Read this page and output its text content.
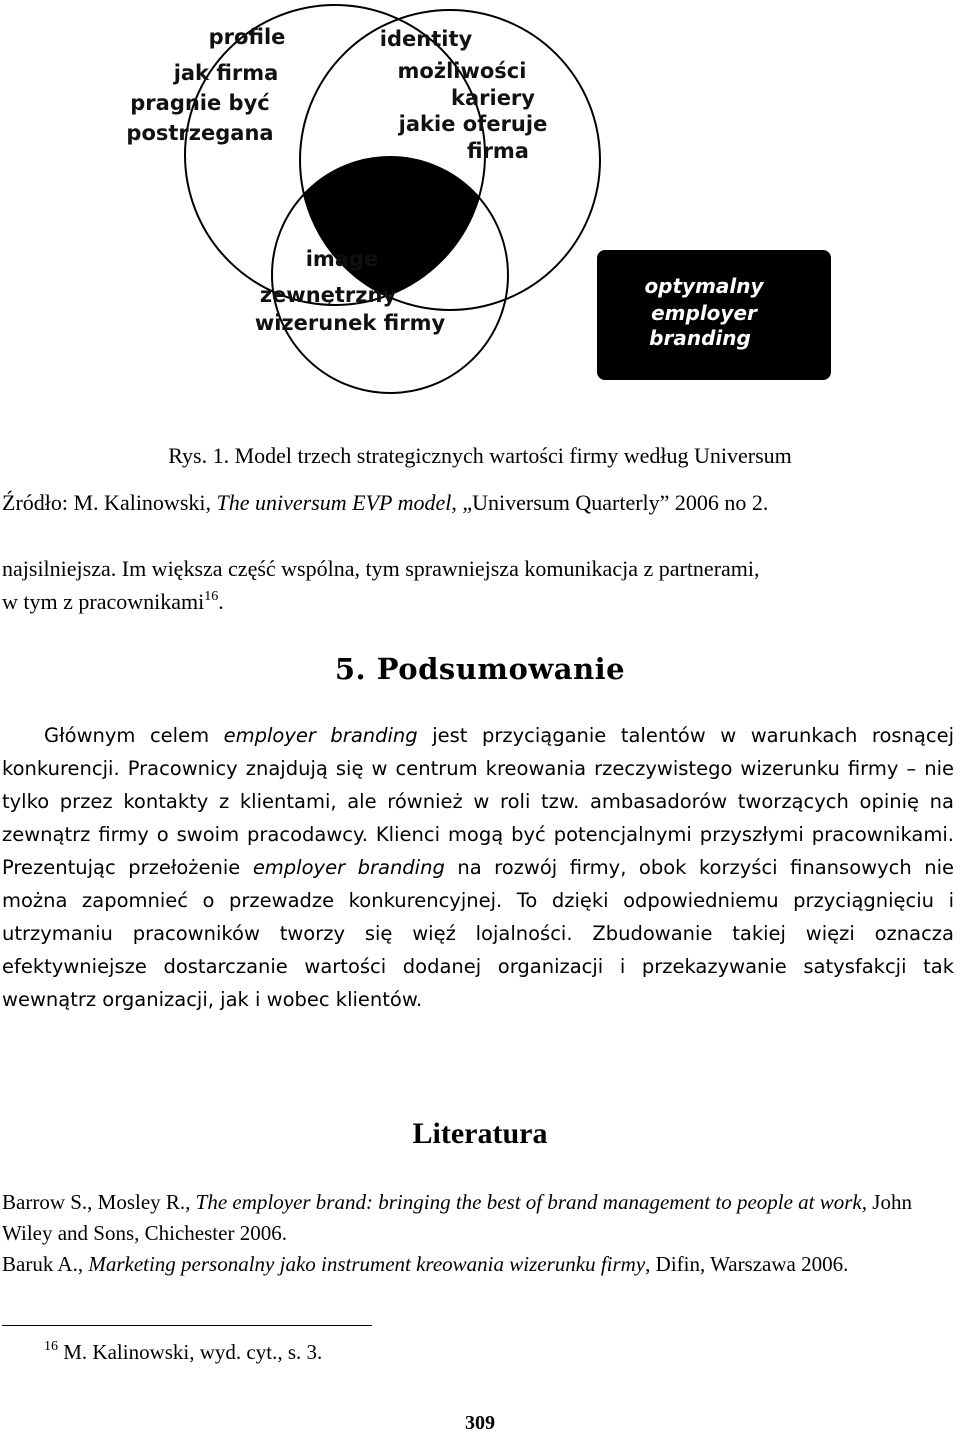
profile
jak firma
pragnie być
postrzegana
identity
możliwości
kariery
jakie oferuje
firma
image
zewnętrzny
wizerunek firmy
optymalny
employer
branding
Rys. 1. Model trzech strategicznych wartości firmy według Universum
Źródło: M. Kalinowski, The universum EVP model, „Universum Quarterly” 2006 no 2.
najsilniejsza. Im większa część wspólna, tym sprawniejsza komunikacja z partnerami,
w tym z pracownikami$^{16}$.
5. Podsumowanie
Głównym celem employer branding jest przyciąganie talentów w warunkach rosnącej konkurencji. Pracownicy znajdują się w centrum kreowania rzeczywistego wizerunku firmy – nie tylko przez kontakty z klientami, ale również w roli tzw. ambasadorów tworzących opinię na zewnątrz firmy o swoim pracodawcy. Klienci mogą być potencjalnymi przyszłymi pracownikami. Prezentując przełożenie employer branding na rozwój firmy, obok korzyści finansowych nie można zapomnieć o przewadze konkurencyjnej. To dzięki odpowiedniemu przyciągnięciu i utrzymaniu pracowników tworzy się więź lojalności. Zbudowanie takiej więzi oznacza efektywniejsze dostarczanie wartości dodanej organizacji i przekazywanie satysfakcji tak wewnątrz organizacji, jak i wobec klientów.
Literatura
Barrow S., Mosley R., The employer brand: bringing the best of brand management to people at work, John Wiley and Sons, Chichester 2006.
Baruk A., Marketing personalny jako instrument kreowania wizerunku firmy, Difin, Warszawa 2006.
$^{16}$ M. Kalinowski, wyd. cyt., s. 3.
309
